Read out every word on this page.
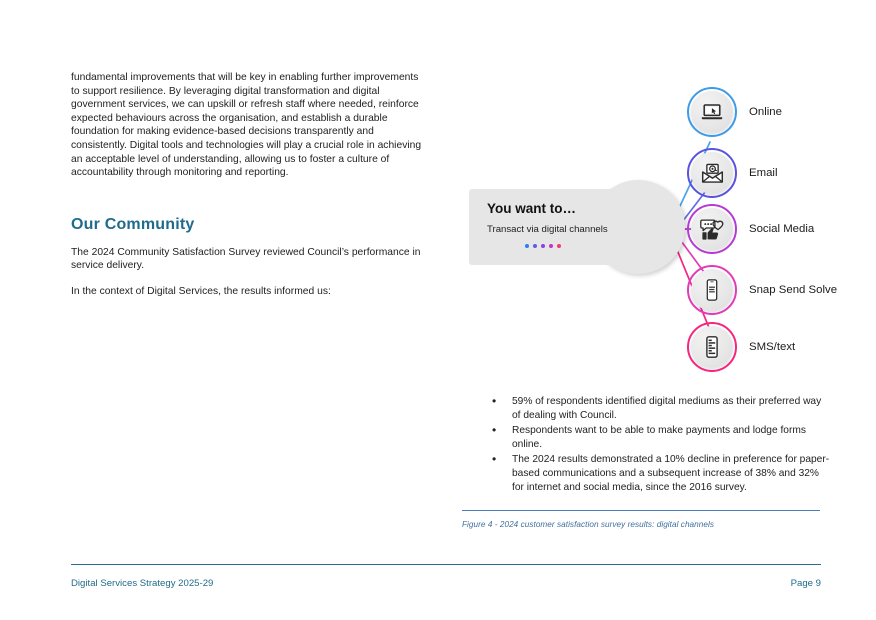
fundamental improvements that will be key in enabling further improvements to support resilience. By leveraging digital transformation and digital government services, we can upskill or refresh staff where needed, reinforce expected behaviours across the organisation, and establish a durable foundation for making evidence-based decisions transparently and consistently. Digital tools and technologies will play a crucial role in achieving an acceptable level of understanding, allowing us to foster a culture of accountability through monitoring and reporting.

Our Community

The 2024 Community Satisfaction Survey reviewed Council’s performance in service delivery.

In the context of Digital Services, the results informed us:

You want to…
Transact via digital channels
Online
Email
Social Media
Snap Send Solve
SMS/text
• 59% of respondents identified digital mediums as their preferred way of dealing with Council.
• Respondents want to be able to make payments and lodge forms online.
• The 2024 results demonstrated a 10% decline in preference for paper-based communications and a subsequent increase of 38% and 32% for internet and social media, since the 2016 survey.
Figure 4 - 2024 customer satisfaction survey results: digital channels
Digital Services Strategy 2025-29	Page 9
